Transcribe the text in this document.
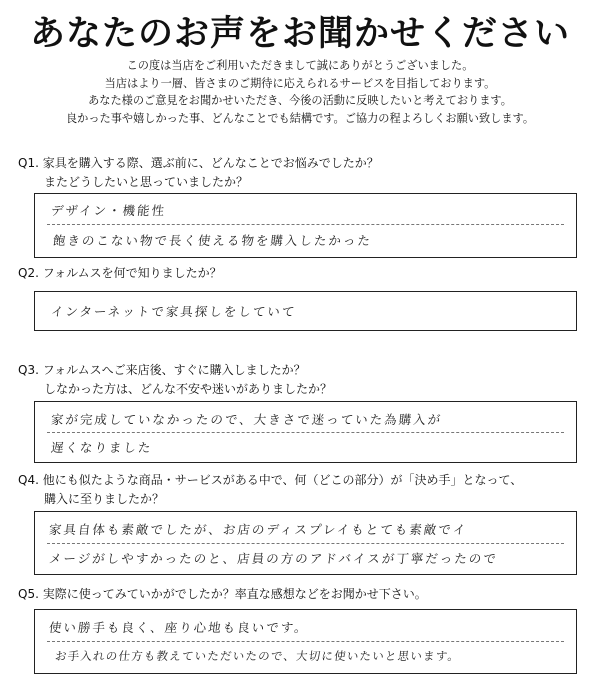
あなたのお声をお聞かせください
この度は当店をご利用いただきまして誠にありがとうございました。
当店はより一層、皆さまのご期待に応えられるサービスを目指しております。
あなた様のご意見をお聞かせいただき、今後の活動に反映したいと考えております。
良かった事や嬉しかった事、どんなことでも結構です。ご協力の程よろしくお願い致します。
Q1. 家具を購入する際、選ぶ前に、どんなことでお悩みでしたか？
またどうしたいと思っていましたか？
デザイン・機能性
飽きのこない物で長く使える物を購入したかった
Q2. フォルムスを何で知りましたか？
インターネットで家具探しをしていて
Q3. フォルムスへご来店後、すぐに購入しましたか？
しなかった方は、どんな不安や迷いがありましたか？
家が完成していなかったので、大きさで迷っていた為購入が
遅くなりました
Q4. 他にも似たような商品・サービスがある中で、何（どこの部分）が「決め手」となって、
購入に至りましたか？
家具自体も素敵でしたが、お店のディスプレイもとても素敵でイ
メージがしやすかったのと、店員の方のアドバイスが丁寧だったので
Q5. 実際に使ってみていかがでしたか？率直な感想などをお聞かせ下さい。
使い勝手も良く、座り心地も良いです。
お手入れの仕方も教えていただいたので、大切に使いたいと思います。
